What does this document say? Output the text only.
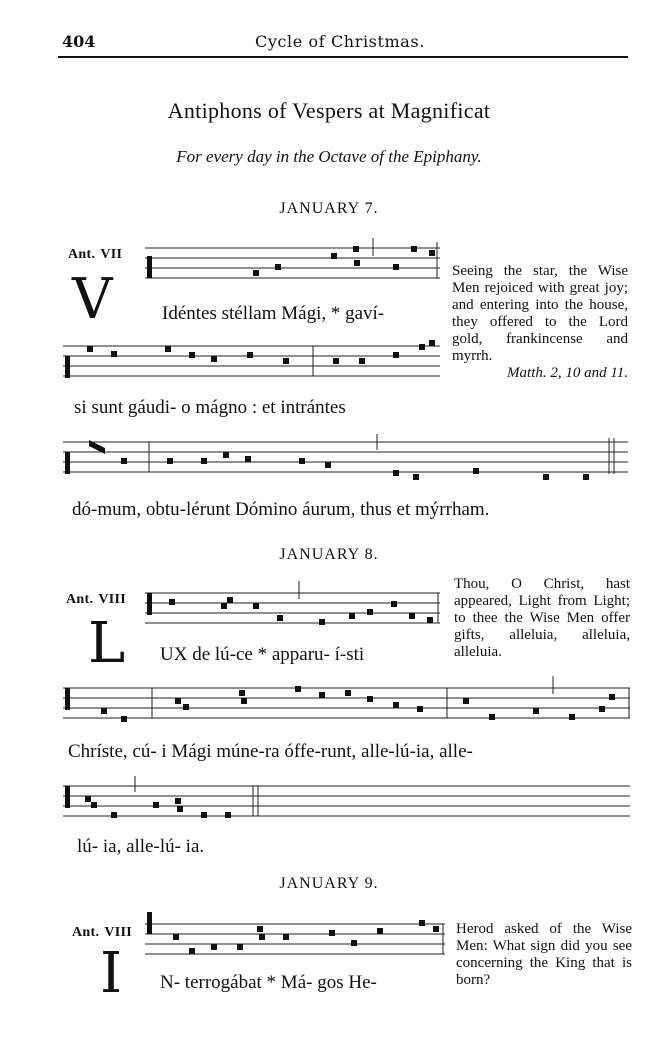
404	Cycle of Christmas.
Antiphons of Vespers at Magnificat
For every day in the Octave of the Epiphany.
JANUARY 7.
Ant. VII
V	Idéntes stéllam Mági, * gaví-
si sunt gáudi- o mágno : et intrántes
Seeing the star, the Wise Men rejoiced with great joy; and entering into the house, they offered to the Lord gold, frankincense and myrrh.
Matth. 2, 10 and 11.
dó-mum, obtu-lérunt Dómino áurum, thus et mýrrham.
JANUARY 8.
Ant. VIII
L UX de lú-ce * apparu- í-sti
Thou, O Christ, hast appeared, Light from Light; to thee the Wise Men offer gifts, alleluia, alleluia, alleluia.
Chríste, cú- i Mági múne-ra óffe-runt, alle-lú-ia, alle-
lú- ia, alle-lú- ia.
JANUARY 9.
Ant. VIII
I N- terrogábat * Má- gos He-
Herod asked of the Wise Men: What sign did you see concerning the King that is born?
